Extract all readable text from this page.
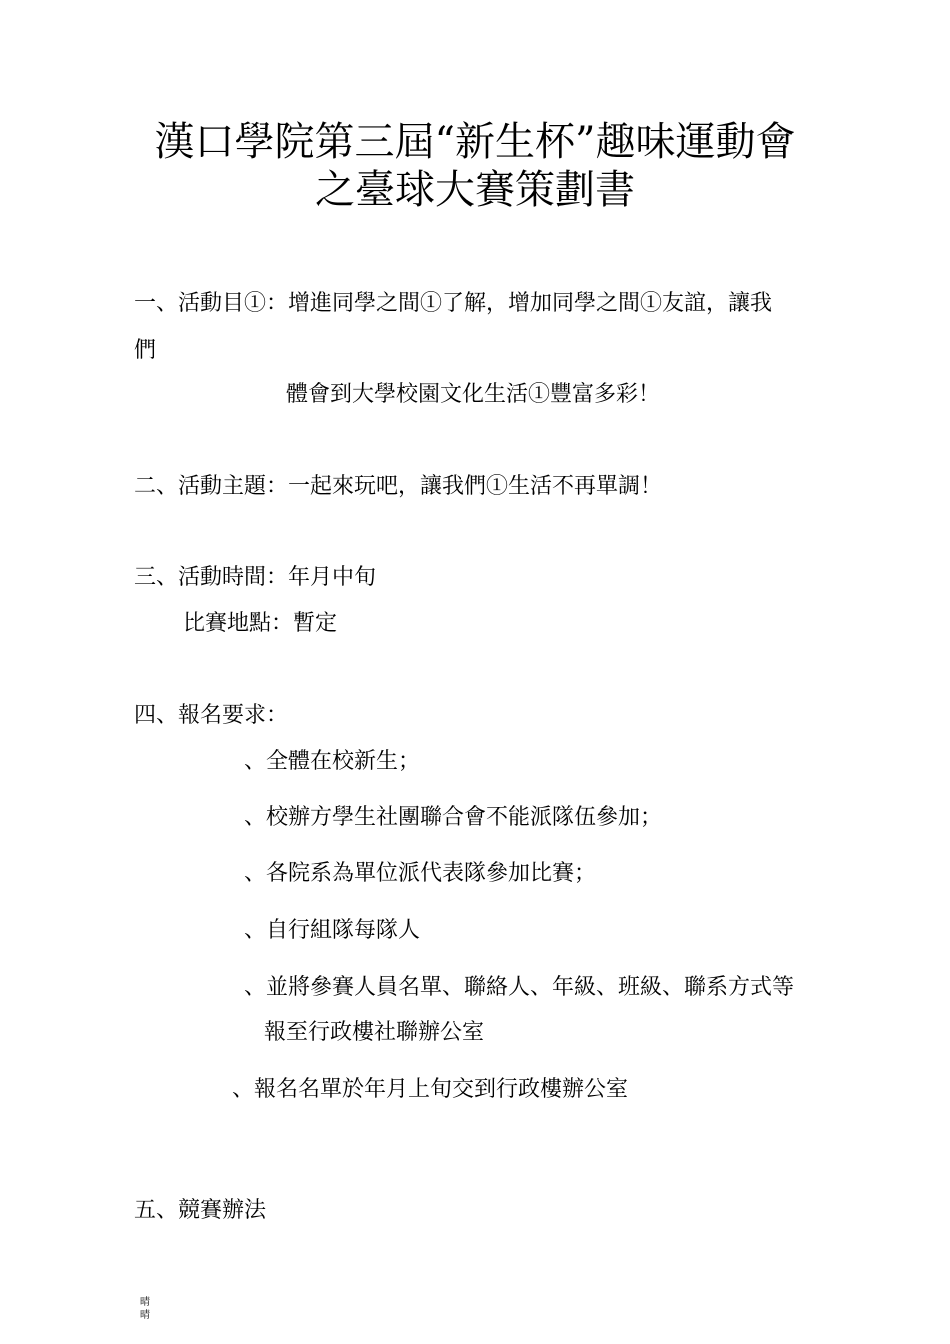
漢口學院第三屆“新生杯”趣味運動會
之臺球大賽策劃書
一、活動目①：增進同學之間①了解，增加同學之間①友誼，讓我
們
體會到大學校園文化生活①豐富多彩！
二、活動主題：一起來玩吧，讓我們①生活不再單調！
三、活動時間：年月中旬
比賽地點：暫定
四、報名要求：
、全體在校新生；
、校辦方學生社團聯合會不能派隊伍參加；
、各院系為單位派代表隊參加比賽；
、自行組隊每隊人
、並將參賽人員名單、聯絡人、年級、班級、聯系方式等
報至行政樓社聯辦公室
、報名名單於年月上旬交到行政樓辦公室
五、競賽辦法
晴
晴
